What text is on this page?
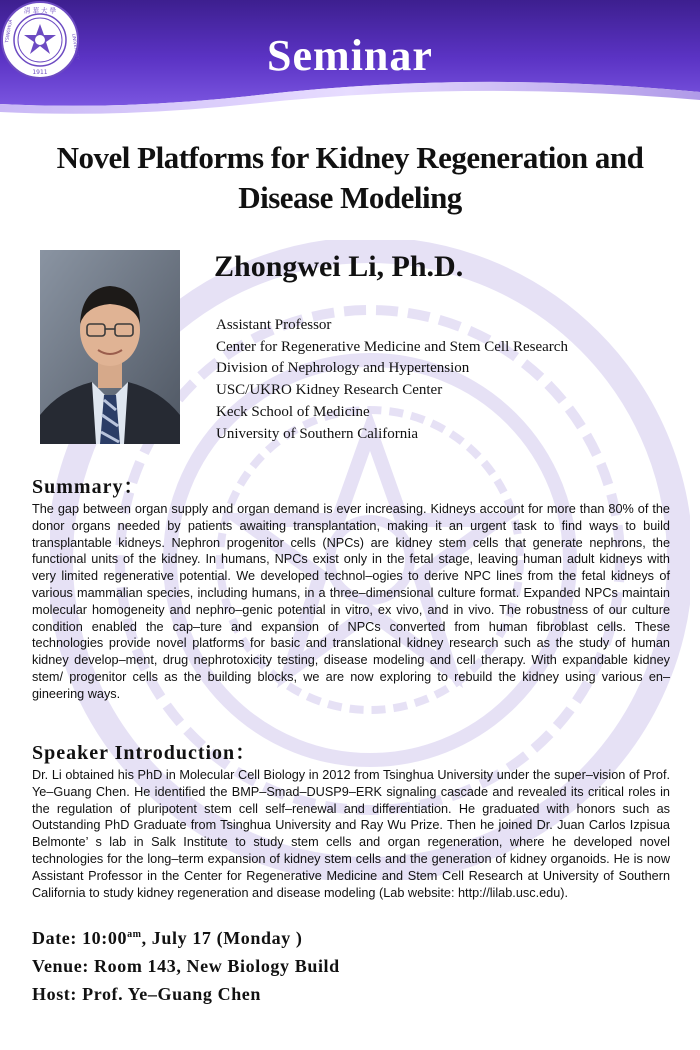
清 華 大 學
1911
TSINGHUA
UNIVERSITY	Seminar
Novel Platforms for Kidney Regeneration and
Disease Modeling
Zhongwei Li, Ph.D.
Assistant Professor
Center for Regenerative Medicine and Stem Cell Research
Division of Nephrology and Hypertension
USC/UKRO Kidney Research Center
Keck School of Medicine
University of Southern California
Summary：

The gap between organ supply and organ demand is ever increasing. Kidneys account for more than 80% of the donor organs needed by patients awaiting transplantation, making it an urgent task to find ways to build transplantable kidneys. Nephron progenitor cells (NPCs) are kidney stem cells that generate nephrons, the functional units of the kidney. In humans, NPCs exist only in the fetal stage, leaving human adult kidneys with very limited regenerative potential. We developed technol–ogies to derive NPC lines from the fetal kidneys of various mammalian species, including humans, in a three–dimensional culture format. Expanded NPCs maintain molecular homogeneity and nephro–genic potential in vitro, ex vivo, and in vivo. The robustness of our culture condition enabled the cap–ture and expansion of NPCs converted from human fibroblast cells. These technologies provide novel platforms for basic and translational kidney research such as the study of human kidney develop–ment, drug nephrotoxicity testing, disease modeling and cell therapy. With expandable kidney stem/ progenitor cells as the building blocks, we are now exploring to rebuild the kidney using various en–gineering ways.

Speaker Introduction：

Dr. Li obtained his PhD in Molecular Cell Biology in 2012 from Tsinghua University under the super–vision of Prof. Ye–Guang Chen. He identified the BMP–Smad–DUSP9–ERK signaling cascade and revealed its critical roles in the regulation of pluripotent stem cell self–renewal and differentiation. He graduated with honors such as Outstanding PhD Graduate from Tsinghua University and Ray Wu Prize. Then he joined Dr. Juan Carlos Izpisua Belmonte’ s lab in Salk Institute to study stem cells and organ regeneration, where he developed novel technologies for the long–term expansion of kidney stem cells and the generation of kidney organoids. He is now Assistant Professor in the Center for Regenerative Medicine and Stem Cell Research at University of Southern California to study kidney regeneration and disease modeling (Lab website: http://lilab.usc.edu).

Date: $10:00^{am}$, July 17 (Monday )
Venue: Room 143, New Biology Build
Host: Prof. Ye–Guang Chen
